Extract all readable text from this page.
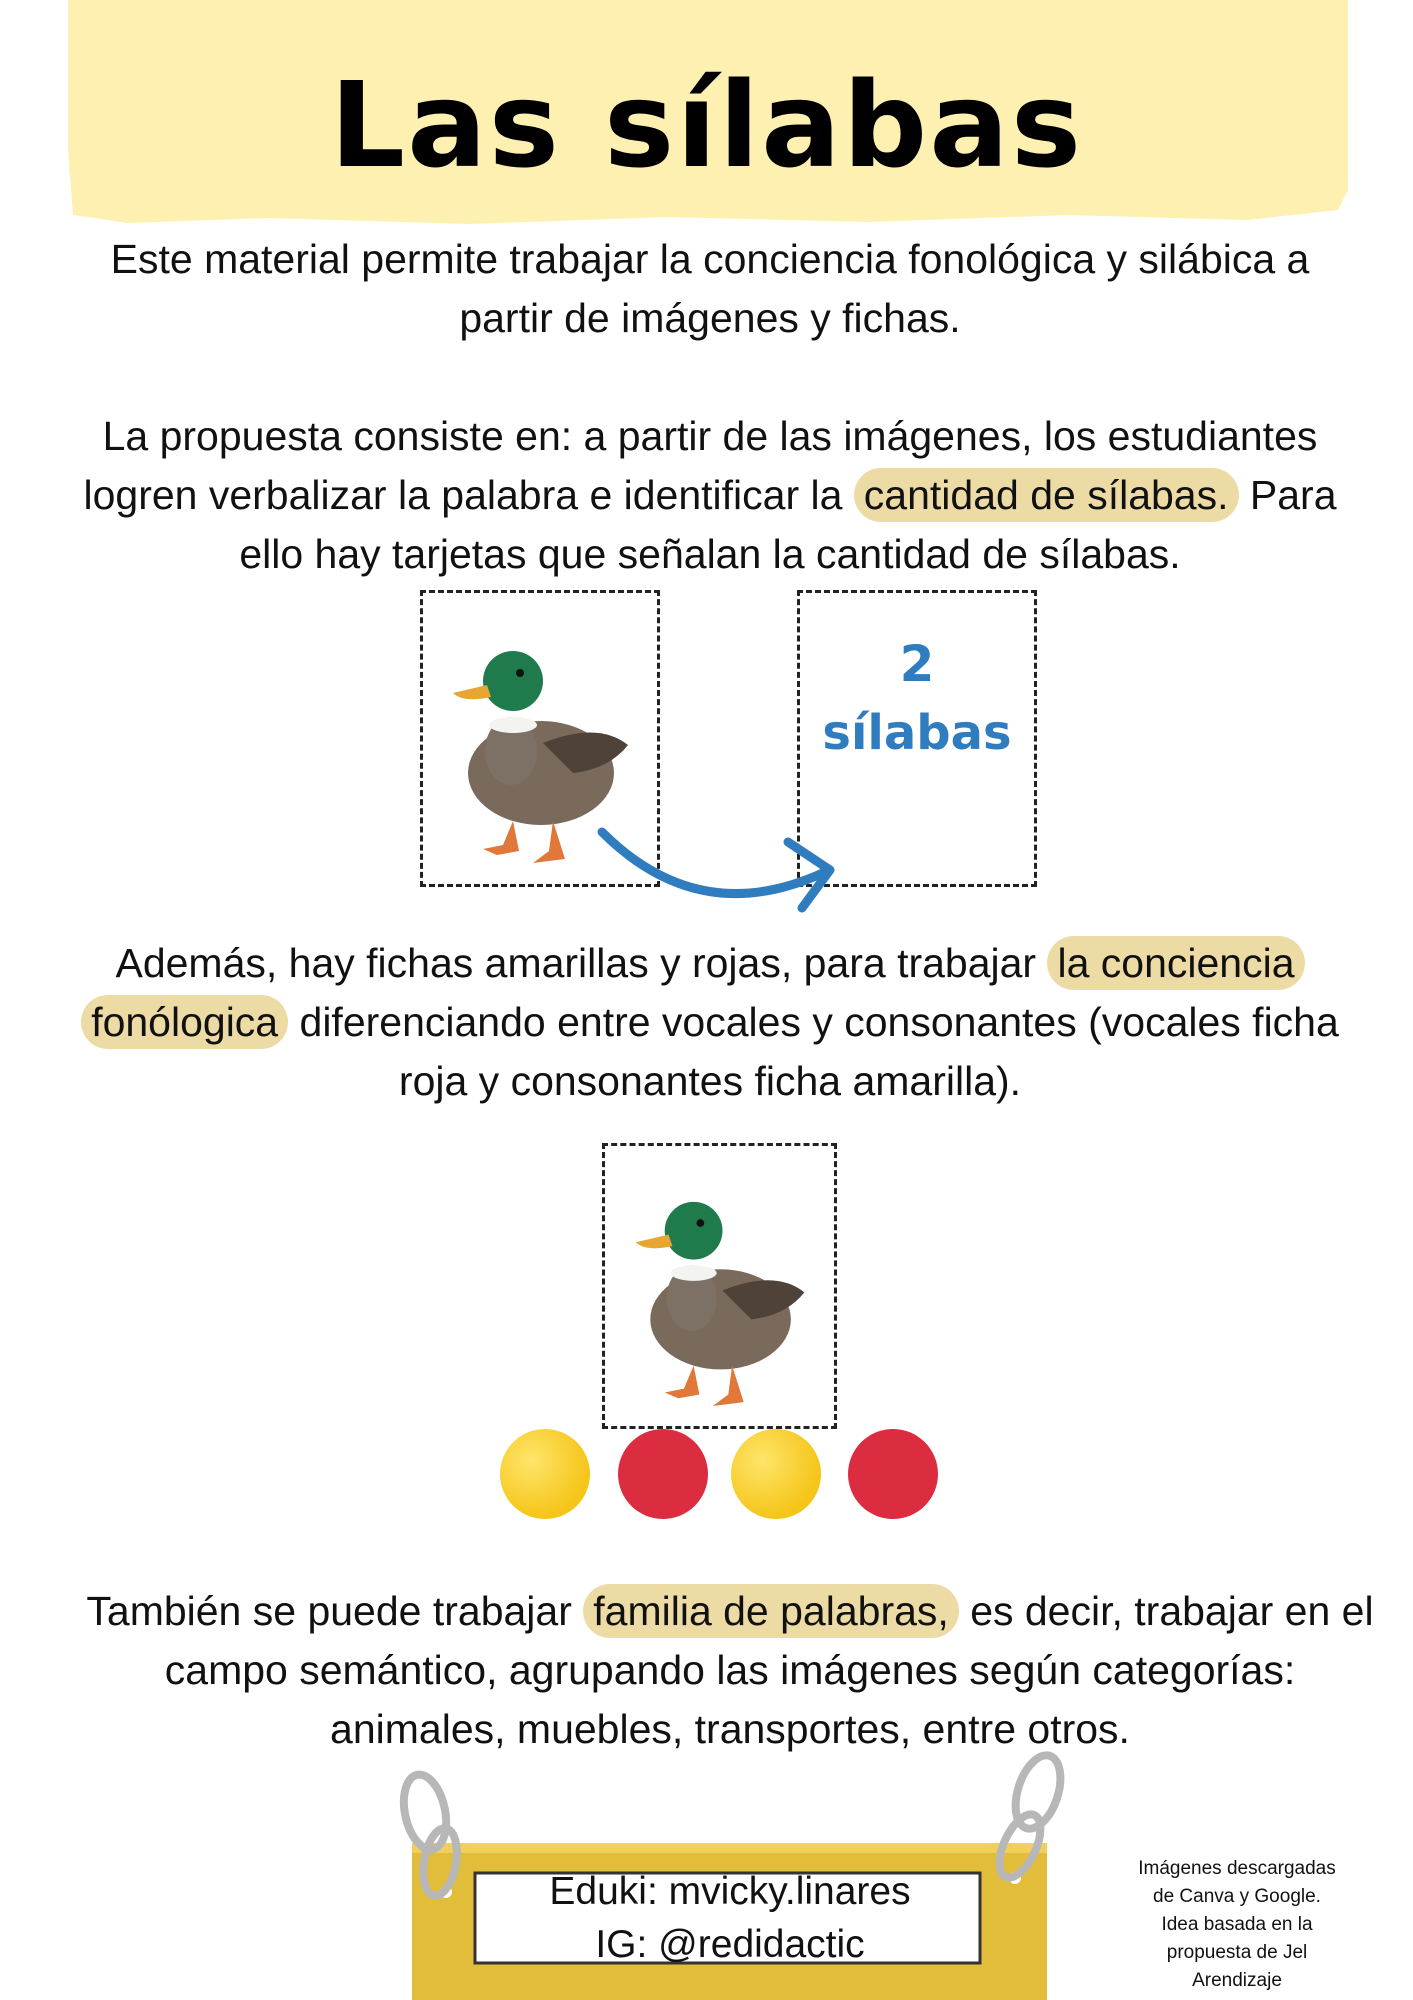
Las sílabas

Este material permite trabajar la conciencia fonológica y silábica a
partir de imágenes y fichas.

La propuesta consiste en: a partir de las imágenes, los estudiantes
logren verbalizar la palabra e identificar la cantidad de sílabas. Para
ello hay tarjetas que señalan la cantidad de sílabas.

2
sílabas

Además, hay fichas amarillas y rojas, para trabajar la conciencia
fonólogica diferenciando entre vocales y consonantes (vocales ficha
roja y consonantes ficha amarilla).

También se puede trabajar familia de palabras, es decir, trabajar en el
campo semántico, agrupando las imágenes según categorías:
animales, muebles, transportes, entre otros.

Eduki: mvicky.linares

IG: @redidactic

Imágenes descargadas
de Canva y Google.
Idea basada en la
propuesta de Jel
Arendizaje
